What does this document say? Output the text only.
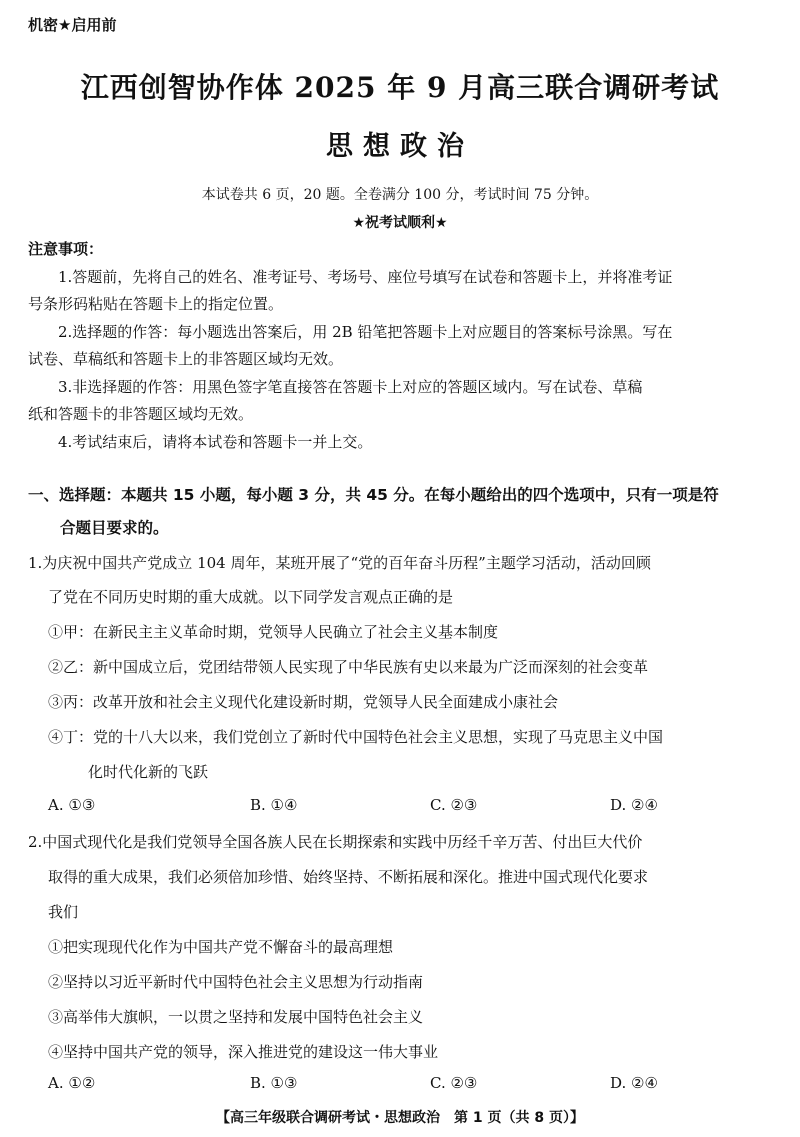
机密★启用前
江西创智协作体 2025 年 9 月高三联合调研考试
思想政治
本试卷共 6 页，20 题。全卷满分 100 分，考试时间 75 分钟。
★祝考试顺利★
注意事项：
1.答题前，先将自己的姓名、准考证号、考场号、座位号填写在试卷和答题卡上，并将准考证
号条形码粘贴在答题卡上的指定位置。
2.选择题的作答：每小题选出答案后，用 2B 铅笔把答题卡上对应题目的答案标号涂黑。写在
试卷、草稿纸和答题卡上的非答题区域均无效。
3.非选择题的作答：用黑色签字笔直接答在答题卡上对应的答题区域内。写在试卷、草稿
纸和答题卡的非答题区域均无效。
4.考试结束后，请将本试卷和答题卡一并上交。
一、选择题：本题共 15 小题，每小题 3 分，共 45 分。在每小题给出的四个选项中，只有一项是符
合题目要求的。
1.为庆祝中国共产党成立 104 周年，某班开展了“党的百年奋斗历程”主题学习活动，活动回顾
了党在不同历史时期的重大成就。以下同学发言观点正确的是
①甲：在新民主主义革命时期，党领导人民确立了社会主义基本制度
②乙：新中国成立后，党团结带领人民实现了中华民族有史以来最为广泛而深刻的社会变革
③丙：改革开放和社会主义现代化建设新时期，党领导人民全面建成小康社会
④丁：党的十八大以来，我们党创立了新时代中国特色社会主义思想，实现了马克思主义中国
化时代化新的飞跃
A. ①③	B. ①④	C. ②③	D. ②④
2.中国式现代化是我们党领导全国各族人民在长期探索和实践中历经千辛万苦、付出巨大代价
取得的重大成果，我们必须倍加珍惜、始终坚持、不断拓展和深化。推进中国式现代化要求
我们
①把实现现代化作为中国共产党不懈奋斗的最高理想
②坚持以习近平新时代中国特色社会主义思想为行动指南
③高举伟大旗帜，一以贯之坚持和发展中国特色社会主义
④坚持中国共产党的领导，深入推进党的建设这一伟大事业
A. ①②	B. ①③	C. ②③	D. ②④
【高三年级联合调研考试・思想政治　第 1 页（共 8 页）】
